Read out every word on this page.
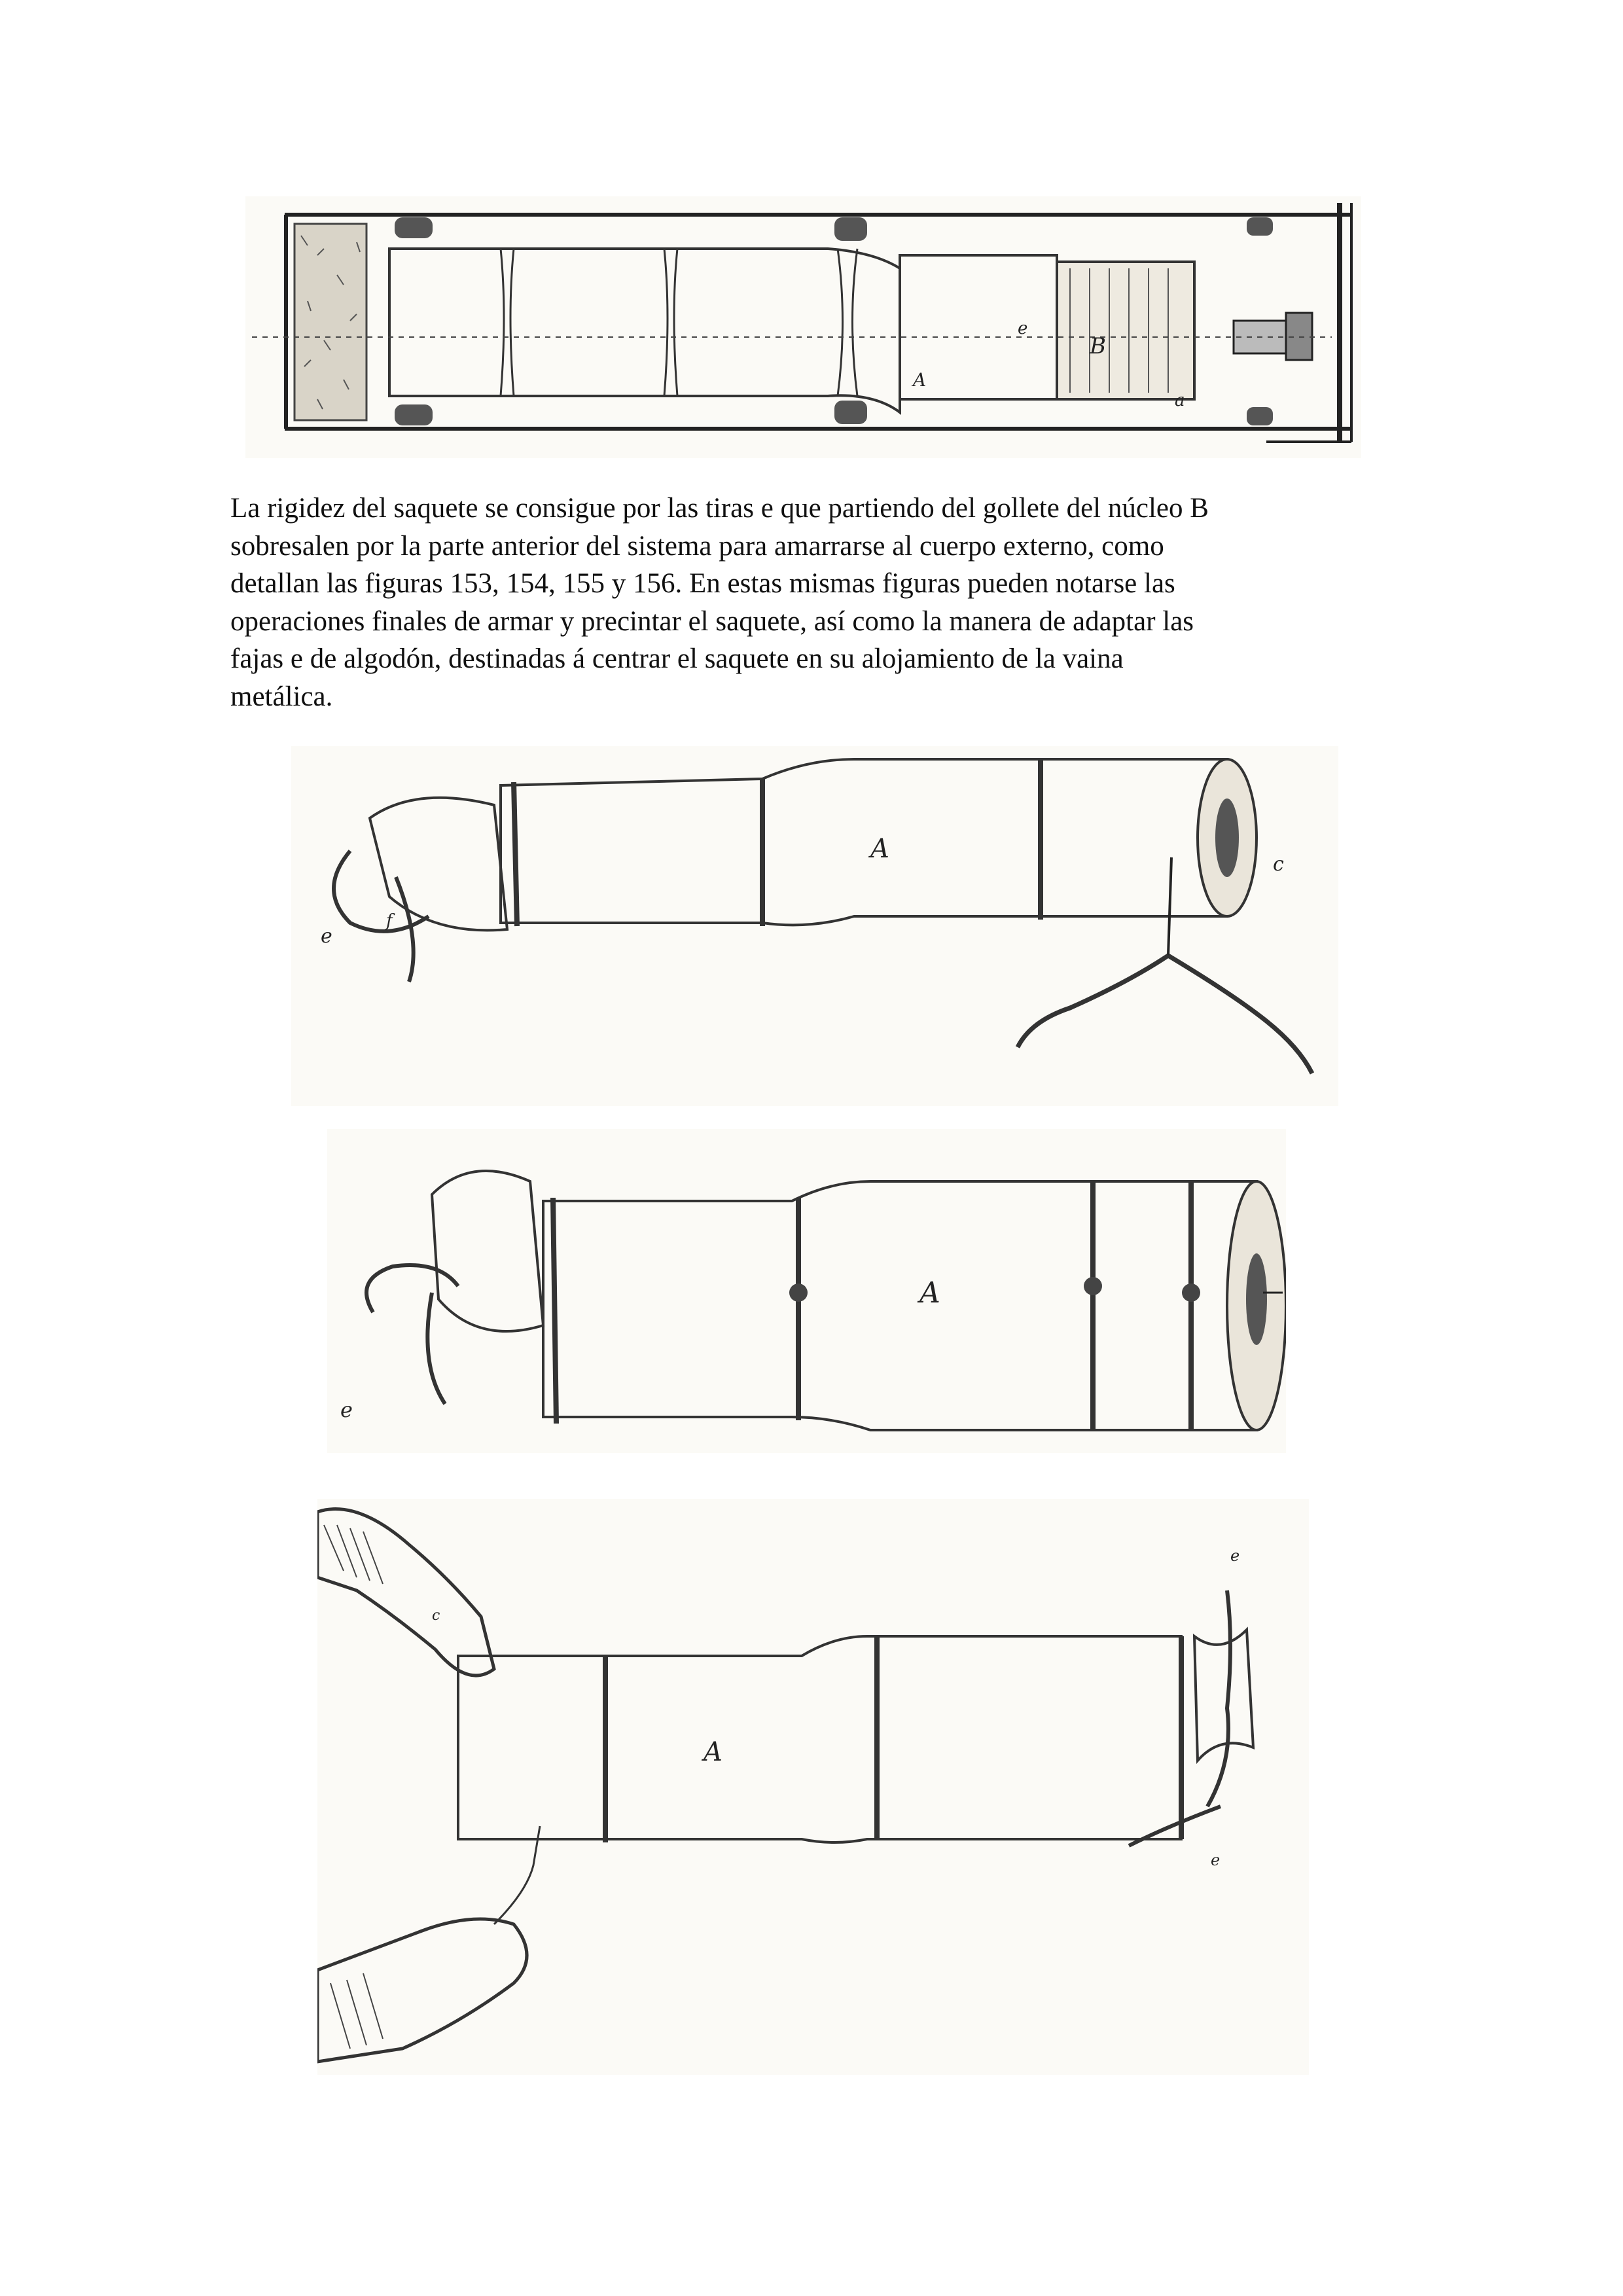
A
B
e
a

La rigidez del saquete se consigue por las tiras e que partiendo del gollete del núcleo B
sobresalen por la parte anterior del sistema para amarrarse al cuerpo externo, como
detallan las figuras 153, 154, 155 y 156. En estas mismas figuras pueden notarse las
operaciones finales de armar y precintar el saquete, así como la manera de adaptar las
fajas e de algodón, destinadas á centrar el saquete en su alojamiento de la vaina
metálica.

A
c
e
f
A
e
A
e
e
c
